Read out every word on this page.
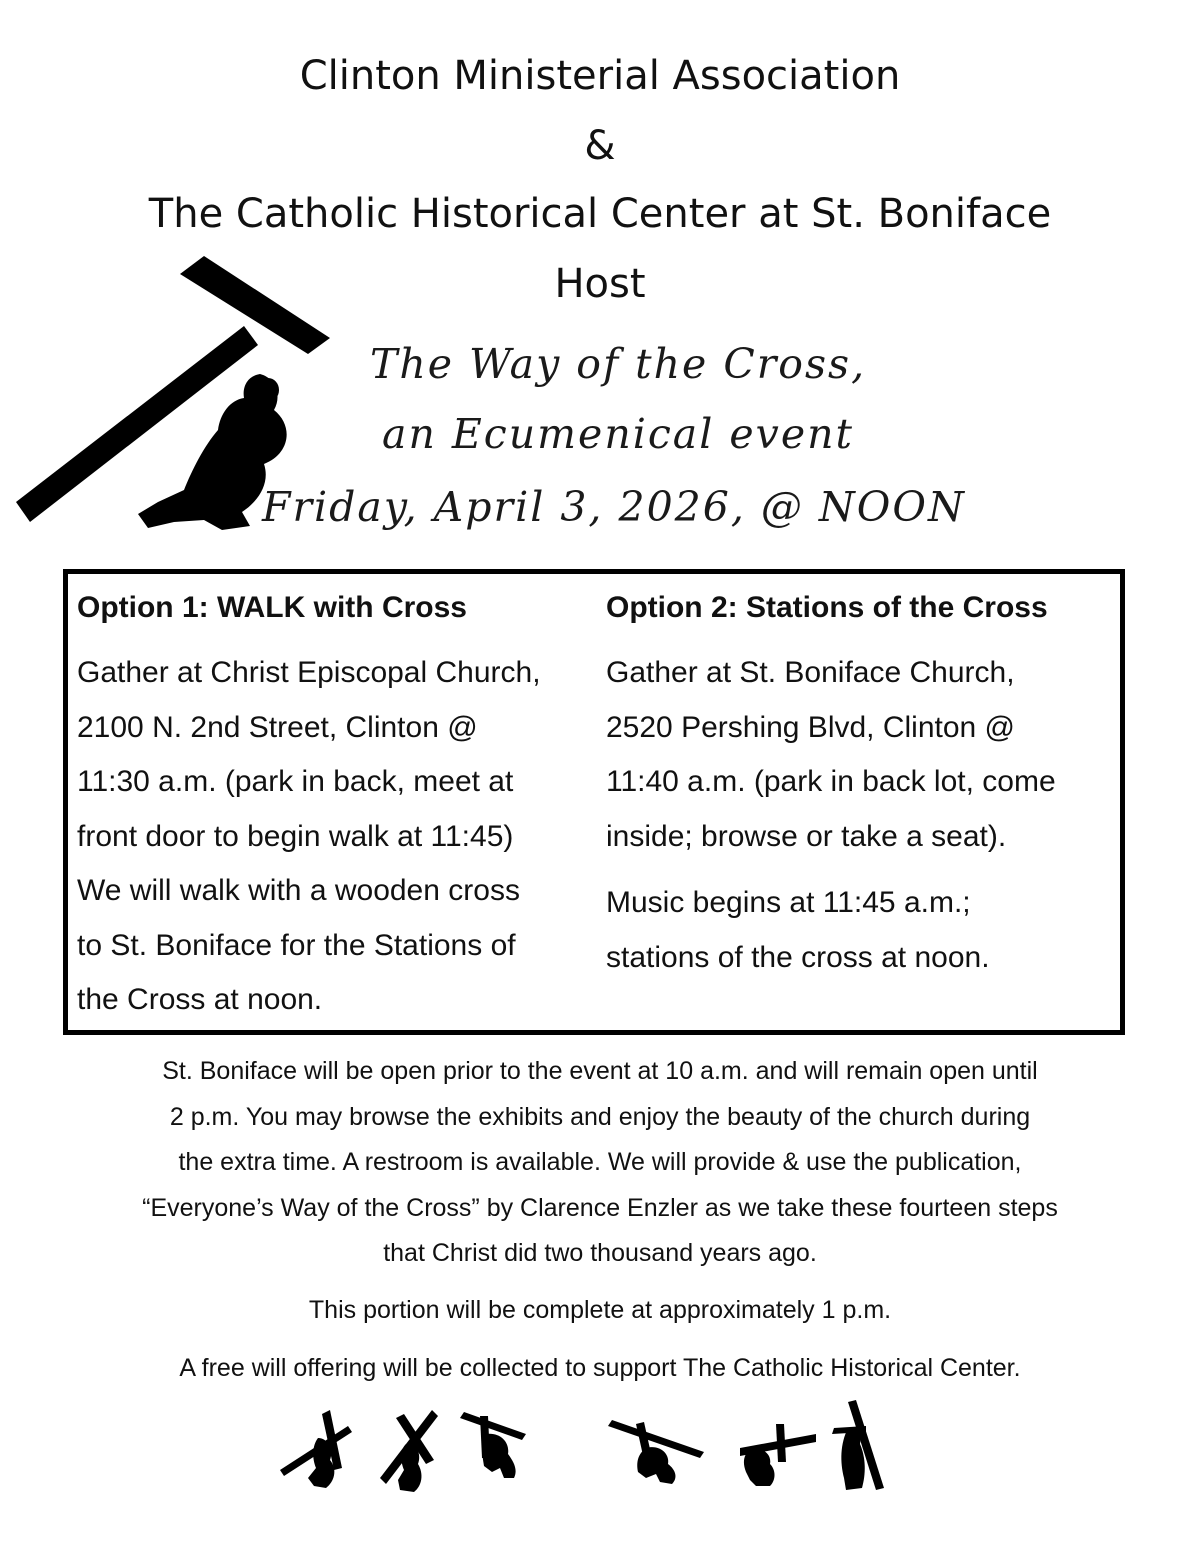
Clinton Ministerial Association
&
The Catholic Historical Center at St. Boniface
Host
The Way of the Cross,
an Ecumenical event
Friday, April 3, 2026, @ NOON
Option 1: WALK with Cross
Gather at Christ Episcopal Church,
2100 N. 2nd Street, Clinton @
11:30 a.m. (park in back, meet at
front door to begin walk at 11:45)
We will walk with a wooden cross
to St. Boniface for the Stations of
the Cross at noon.
Option 2: Stations of the Cross
Gather at St. Boniface Church,
2520 Pershing Blvd, Clinton @
11:40 a.m. (park in back lot, come
inside; browse or take a seat).
Music begins at 11:45 a.m.;
stations of the cross at noon.
St. Boniface will be open prior to the event at 10 a.m. and will remain open until
2 p.m. You may browse the exhibits and enjoy the beauty of the church during
the extra time. A restroom is available. We will provide & use the publication,
“Everyone’s Way of the Cross” by Clarence Enzler as we take these fourteen steps
that Christ did two thousand years ago.
This portion will be complete at approximately 1 p.m.
A free will offering will be collected to support The Catholic Historical Center.
